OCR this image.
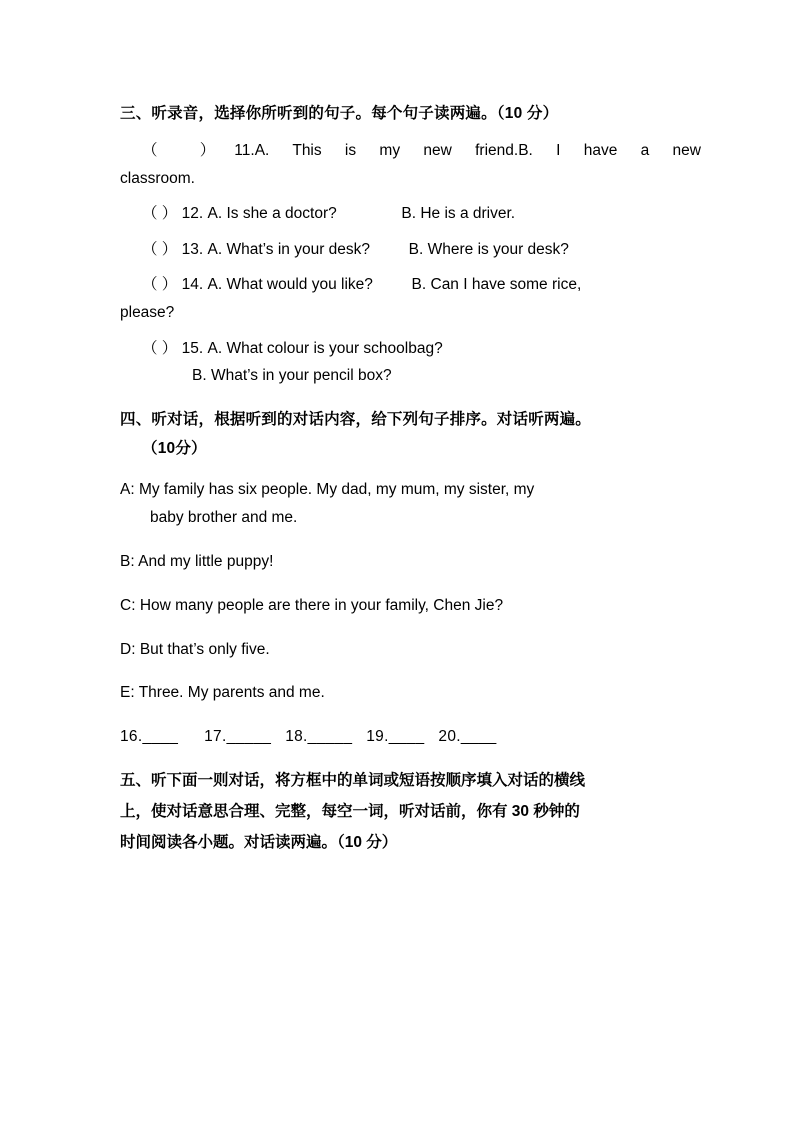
三、听录音，选择你所听到的句子。每个句子读两遍。（10 分）
（ ）11.A. This is my new friend.B. I have a new
classroom.
（ ） 12. A. Is she a doctor?	B. He is a driver.
（ ） 13. A. What’s in your desk? B. Where is your desk?
（ ） 14. A. What would you like? B. Can I have some rice,
please?
（ ） 15. A. What colour is your schoolbag?
B. What’s in your pencil box?
四、听对话，根据听到的对话内容，给下列句子排序。对话听两遍。
（10分）
A: My family has six people. My dad, my mum, my sister, my
baby brother and me.
B: And my little puppy!
C: How many people are there in your family, Chen Jie?
D: But that’s only five.
E: Three. My parents and me.
16.____ 17._____ 18._____ 19.____ 20.____
五、听下面一则对话，将方框中的单词或短语按顺序填入对话的横线
上，使对话意思合理、完整，每空一词，听对话前，你有 30 秒钟的
时间阅读各小题。对话读两遍。（10 分）
